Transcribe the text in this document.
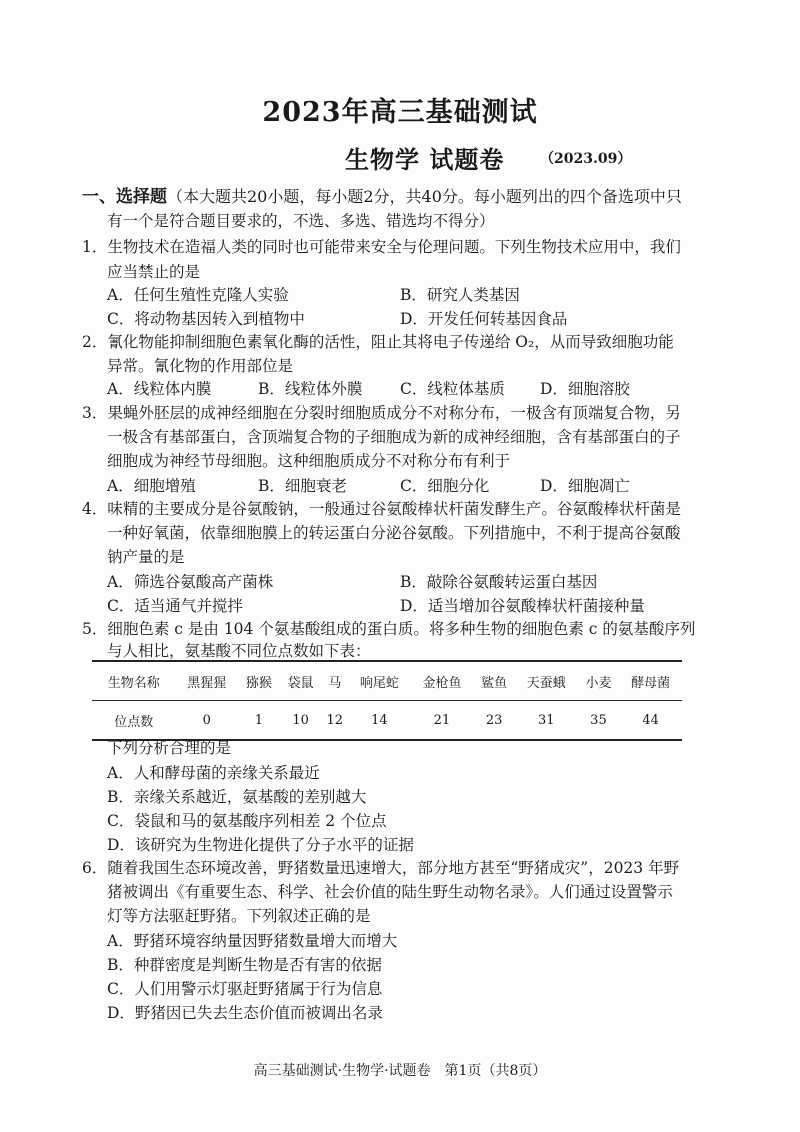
2023年高三基础测试
生物学 试题卷	（2023.09）
一、选择题（本大题共20小题，每小题2分，共40分。每小题列出的四个备选项中只
有一个是符合题目要求的，不选、多选、错选均不得分）
1．生物技术在造福人类的同时也可能带来安全与伦理问题。下列生物技术应用中，我们
应当禁止的是
A．任何生殖性克隆人实验	B．研究人类基因
C．将动物基因转入到植物中	D．开发任何转基因食品
2．氰化物能抑制细胞色素氧化酶的活性，阻止其将电子传递给 O₂，从而导致细胞功能
异常。氰化物的作用部位是
A．线粒体内膜	B．线粒体外膜 C．线粒体基质 D．细胞溶胶
3．果蝇外胚层的成神经细胞在分裂时细胞质成分不对称分布，一极含有顶端复合物，另
一极含有基部蛋白，含顶端复合物的子细胞成为新的成神经细胞，含有基部蛋白的子
细胞成为神经节母细胞。这种细胞质成分不对称分布有利于
A．细胞增殖	B．细胞衰老	C．细胞分化	D．细胞凋亡
4．味精的主要成分是谷氨酸钠，一般通过谷氨酸棒状杆菌发酵生产。谷氨酸棒状杆菌是
一种好氧菌，依靠细胞膜上的转运蛋白分泌谷氨酸。下列措施中，不利于提高谷氨酸
钠产量的是
A．筛选谷氨酸高产菌株	B．敲除谷氨酸转运蛋白基因
C．适当通气并搅拌	D．适当增加谷氨酸棒状杆菌接种量
5．细胞色素 c 是由 104 个氨基酸组成的蛋白质。将多种生物的细胞色素 c 的氨基酸序列
与人相比，氨基酸不同位点数如下表：
生物名称	黑猩猩	猕猴	袋鼠	马	响尾蛇	金枪鱼	鲨鱼	天蚕蛾	小麦	酵母菌
位点数	0	1	10	12	14	21	23	31	35	44
下列分析合理的是
A．人和酵母菌的亲缘关系最近
B．亲缘关系越近，氨基酸的差别越大
C．袋鼠和马的氨基酸序列相差 2 个位点
D．该研究为生物进化提供了分子水平的证据
6．随着我国生态环境改善，野猪数量迅速增大，部分地方甚至“野猪成灾”，2023 年野
猪被调出《有重要生态、科学、社会价值的陆生野生动物名录》。人们通过设置警示
灯等方法驱赶野猪。下列叙述正确的是
A．野猪环境容纳量因野猪数量增大而增大
B．种群密度是判断生物是否有害的依据
C．人们用警示灯驱赶野猪属于行为信息
D．野猪因已失去生态价值而被调出名录
高三基础测试·生物学·试题卷　第1页（共8页）
